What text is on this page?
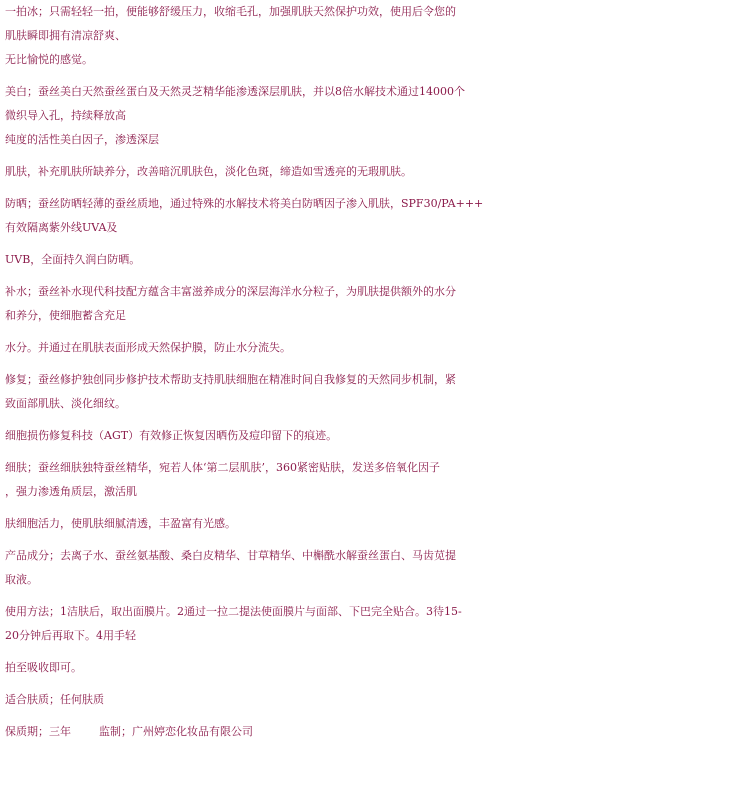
一拍冰；只需轻轻一拍，便能够舒缓压力，收缩毛孔，加强肌肤天然保护功效，使用后令您的

肌肤瞬即拥有清凉舒爽、

无比愉悦的感觉。

美白；蚕丝美白天然蚕丝蛋白及天然灵芝精华能渗透深层肌肤，并以8倍水解技术通过14000个

微织导入孔，持续释放高

纯度的活性美白因子，渗透深层

肌肤，补充肌肤所缺养分，改善暗沉肌肤色，淡化色斑，缔造如雪透亮的无瑕肌肤。

防晒；蚕丝防晒轻薄的蚕丝质地，通过特殊的水解技术将美白防晒因子渗入肌肤，SPF30/PA+++

有效隔离紫外线UVA及

UVB，全面持久润白防晒。

补水；蚕丝补水现代科技配方蕴含丰富滋养成分的深层海洋水分粒子，为肌肤提供额外的水分

和养分，使细胞蓄含充足

水分。并通过在肌肤表面形成天然保护膜，防止水分流失。

修复；蚕丝修护独创同步修护技术帮助支持肌肤细胞在精准时间自我修复的天然同步机制，紧

致面部肌肤、淡化细纹。

细胞损伤修复科技（AGT）有效修正恢复因晒伤及痘印留下的痕迹。

细肤；蚕丝细肤独特蚕丝精华，宛若人体‘第二层肌肤’，360紧密贴肤，发送多倍氧化因子

，强力渗透角质层，激活肌

肤细胞活力，使肌肤细腻清透，丰盈富有光感。

产品成分；去离子水、蚕丝氨基酸、桑白皮精华、甘草精华、中槲酰水解蚕丝蛋白、马齿苋提

取液。

使用方法；1洁肤后，取出面膜片。2通过一拉二提法使面膜片与面部、下巴完全贴合。3待15-

20分钟后再取下。4用手轻

拍至吸收即可。

适合肤质；任何肤质

保质期；三年        监制；广州婷恋化妆品有限公司
